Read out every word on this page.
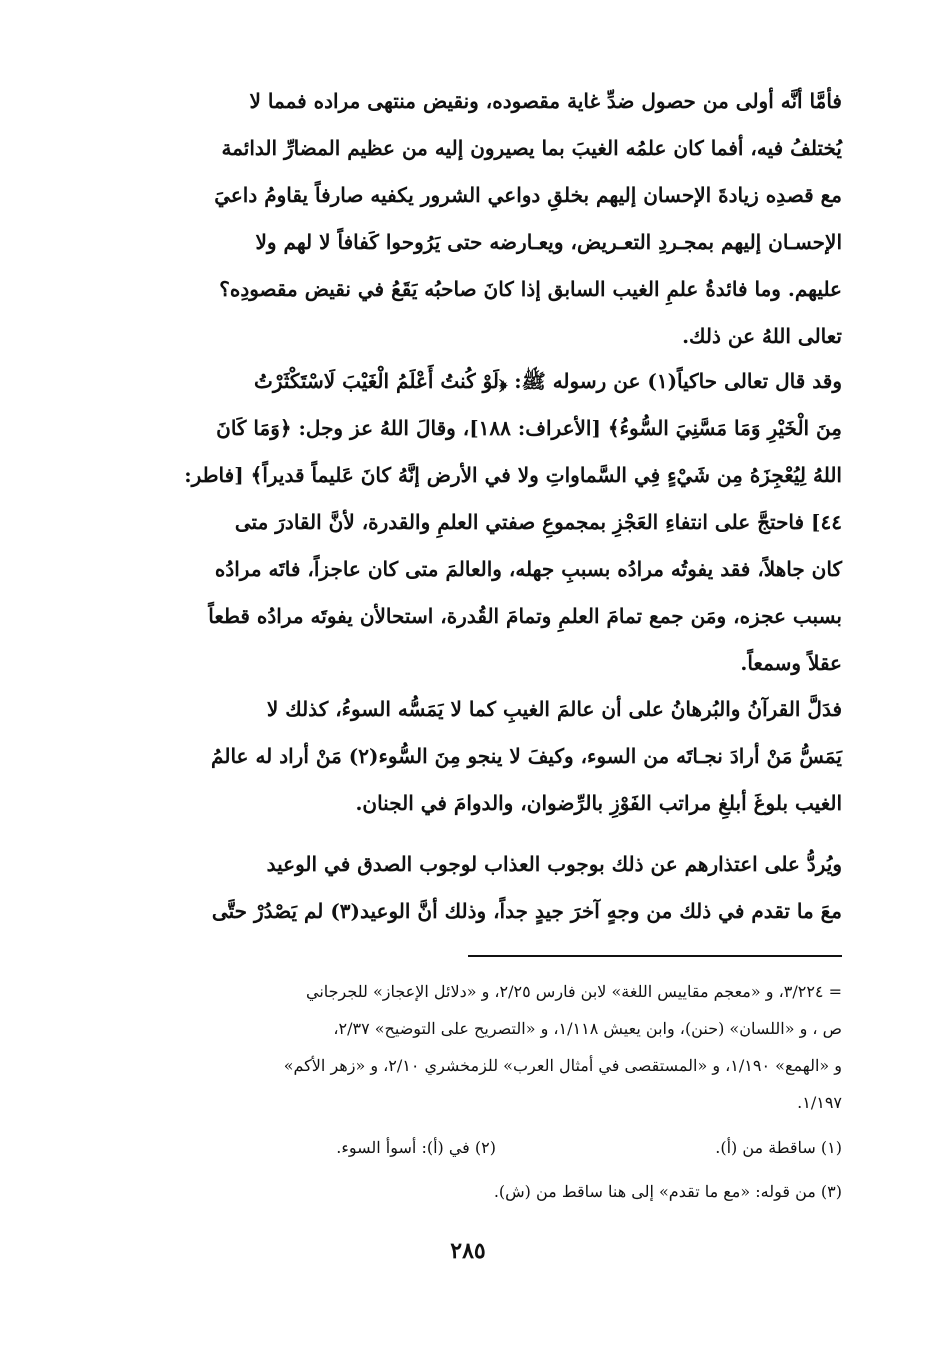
فأمَّا أنَّه أولى من حصول ضدِّ غاية مقصوده، ونقيض منتهى مراده فمما لا
يُختلفُ فيه، أفما كان علمُه الغيبَ بما يصيرون إليه من عظيم المضارِّ الدائمة
مع قصدِه زيادةَ الإحسان إليهم بخلقِ دواعي الشرور يكفيه صارفاً يقاومُ داعيَ
الإحسـان إليهم بمجـردِ التعـريض، ويعـارضه حتى يَرُوحوا كَفافاً لا لهم ولا
عليهم. وما فائدةُ علمِ الغيب السابق إذا كانَ صاحبُه يَقَعُ في نقيض مقصودِه؟
تعالى اللهُ عن ذلك.
وقد قال تعالى حاكياً(١) عن رسوله ﷺ: ﴿لَوْ كُنتُ أَعْلَمُ الْغَيْبَ لَاسْتَكْثَرْتُ
مِنَ الْخَيْرِ وَمَا مَسَّنِيَ السُّوءُ﴾ [الأعراف: ١٨٨]، وقالَ اللهُ عز وجل: ﴿وَمَا كَانَ
اللهُ لِيُعْجِزَهُ مِن شَيْءٍ فِي السَّماواتِ ولا في الأرض إنَّهُ كانَ عَليماً قديراً﴾ [فاطر:
٤٤] فاحتجَّ على انتفاءِ العَجْزِ بمجموعِ صفتي العلمِ والقدرة، لأنَّ القادرَ متى
كان جاهلاً، فقد يفوتُه مرادُه بسببِ جهله، والعالمَ متى كان عاجزاً، فاتَه مرادُه
بسبب عجزه، ومَن جمع تمامَ العلمِ وتمامَ القُدرة، استحالأن يفوتَه مرادُه قطعاً
عقلاً وسمعاً.
فدَلَّ القرآنُ والبُرهانُ على أن عالمَ الغيبِ كما لا يَمَسُّه السوءُ، كذلك لا
يَمَسُّ مَنْ أرادَ نجـاتَه من السوء، وكيفَ لا ينجو مِنَ السُّوء(٢) مَنْ أراد له عالمُ
الغيب بلوغَ أبلغِ مراتب الفَوْزِ بالرِّضوان، والدوامَ في الجنان.
ويُردُّ على اعتذارهم عن ذلك بوجوب العذاب لوجوب الصدق في الوعيد
معَ ما تقدم في ذلك من وجهٍ آخرَ جيدٍ جداً، وذلك أنَّ الوعيد(٣) لم يَصْدُرْ حتَّى
= ٣/٢٢٤، و «معجم مقاييس اللغة» لابن فارس ٢/٢٥، و «دلائل الإعجاز» للجرجاني
ص ، و «اللسان» (حنن)، وابن يعيش ١/١١٨، و «التصريح على التوضيح» ٢/٣٧،
و «الهمع» ١/١٩٠، و «المستقصى في أمثال العرب» للزمخشري ٢/١٠، و «زهر الأكم»
١/١٩٧.
(١) ساقطة من (أ).
(٢) في (أ): أسوأ السوء.
(٣) من قوله: «مع ما تقدم» إلى هنا ساقط من (ش).
٢٨٥
